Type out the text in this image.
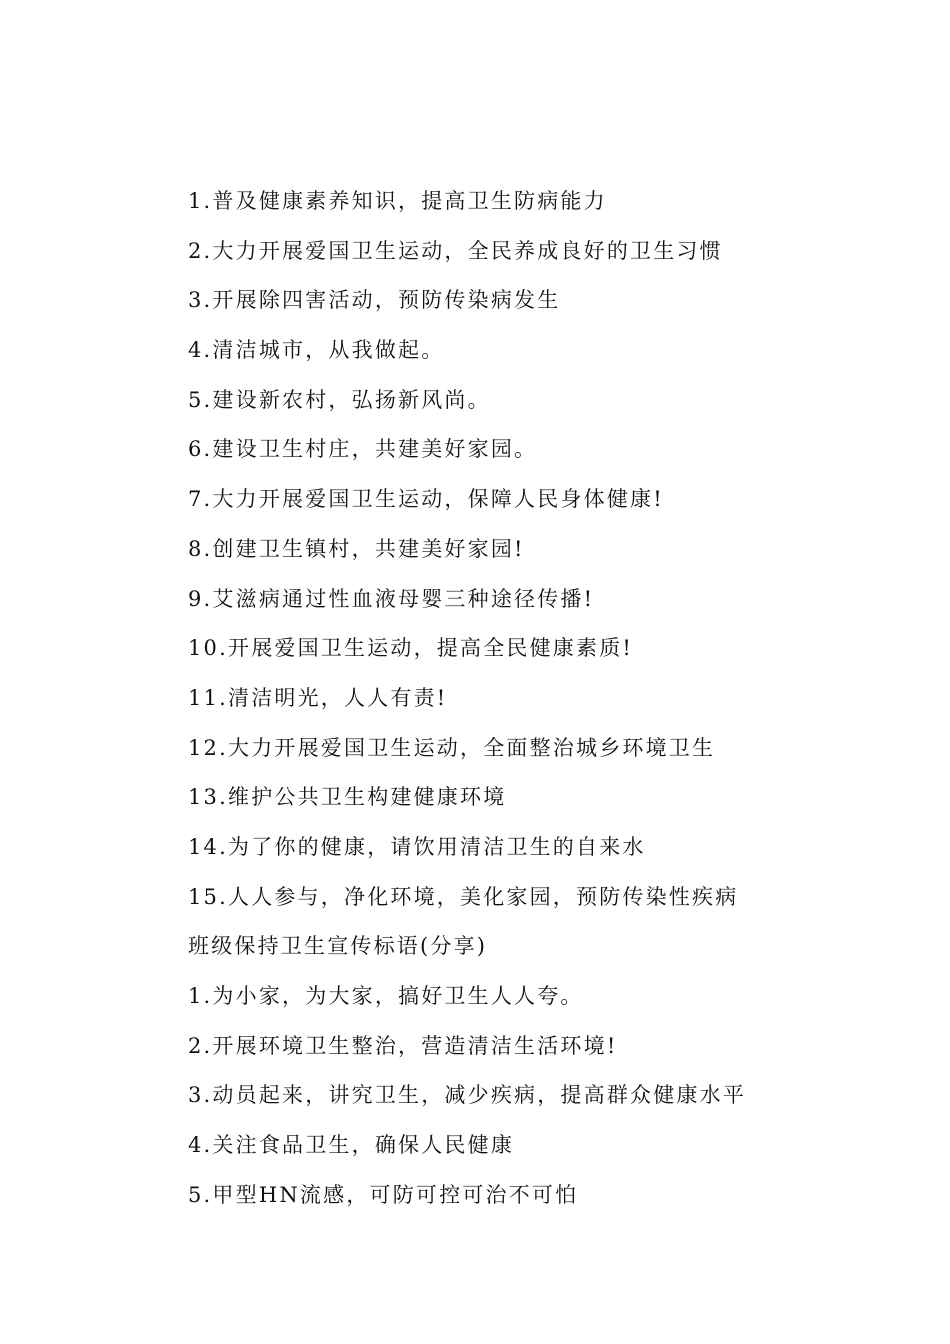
1.普及健康素养知识，提高卫生防病能力
2.大力开展爱国卫生运动，全民养成良好的卫生习惯
3.开展除四害活动，预防传染病发生
4.清洁城市，从我做起。
5.建设新农村，弘扬新风尚。
6.建设卫生村庄，共建美好家园。
7.大力开展爱国卫生运动，保障人民身体健康!
8.创建卫生镇村，共建美好家园!
9.艾滋病通过性血液母婴三种途径传播!
10.开展爱国卫生运动，提高全民健康素质!
11.清洁明光，人人有责!
12.大力开展爱国卫生运动，全面整治城乡环境卫生
13.维护公共卫生构建健康环境
14.为了你的健康，请饮用清洁卫生的自来水
15.人人参与，净化环境，美化家园，预防传染性疾病
班级保持卫生宣传标语(分享)
1.为小家，为大家，搞好卫生人人夸。
2.开展环境卫生整治，营造清洁生活环境!
3.动员起来，讲究卫生，减少疾病，提高群众健康水平
4.关注食品卫生，确保人民健康
5.甲型HN流感，可防可控可治不可怕
